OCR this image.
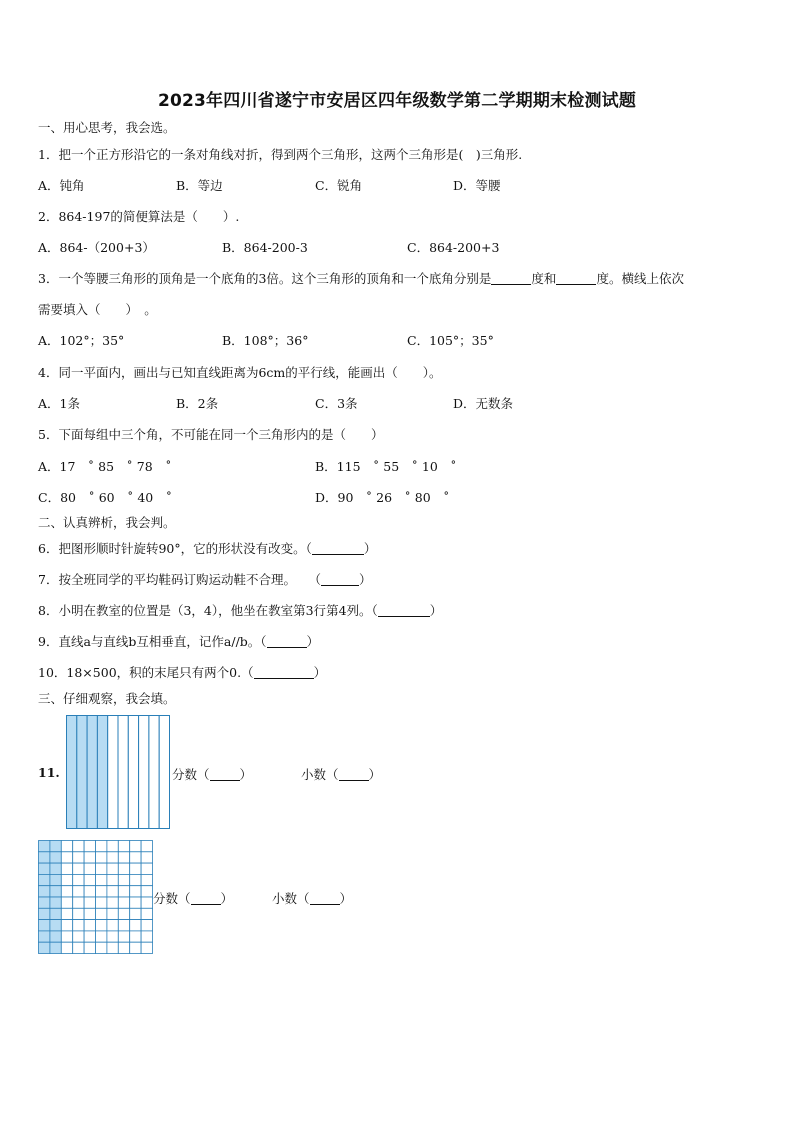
2023年四川省遂宁市安居区四年级数学第二学期期末检测试题
一、用心思考，我会选。
1．把一个正方形沿它的一条对角线对折，得到两个三角形，这两个三角形是(　)三角形.
A．钝角	B．等边	C．锐角	D．等腰
2．864-197的简便算法是（　　）.
A．864-（200+3）	B．864-200-3	C．864-200+3
3．一个等腰三角形的顶角是一个底角的3倍。这个三角形的顶角和一个底角分别是	度和	度。横线上依次
需要填入（　　）　。
A．102°；35°	B．108°；36°	C．105°；35°
4．同一平面内，画出与已知直线距离为6cm的平行线，能画出（　　）。
A．1条	B．2条	C．3条	D．无数条
5．下面每组中三个角，不可能在同一个三角形内的是（　　）
A．17　˚ 85　˚ 78　˚	B．115　˚ 55　˚ 10　˚
C．80　˚ 60　˚ 40　˚	D．90　˚ 26　˚ 80　˚
二、认真辨析，我会判。
6．把图形顺时针旋转90°，它的形状没有改变。（	）
7．按全班同学的平均鞋码订购运动鞋不合理。　　（	）
8．小明在教室的位置是（3，4），他坐在教室第3行第4列。（	）
9．直线a与直线b互相垂直，记作a//b。（	）
10．18×500，积的末尾只有两个0.（	）
三、仔细观察，我会填。
11.	分数（ ）	小数（ ）
分数（ ）	小数（ ）
